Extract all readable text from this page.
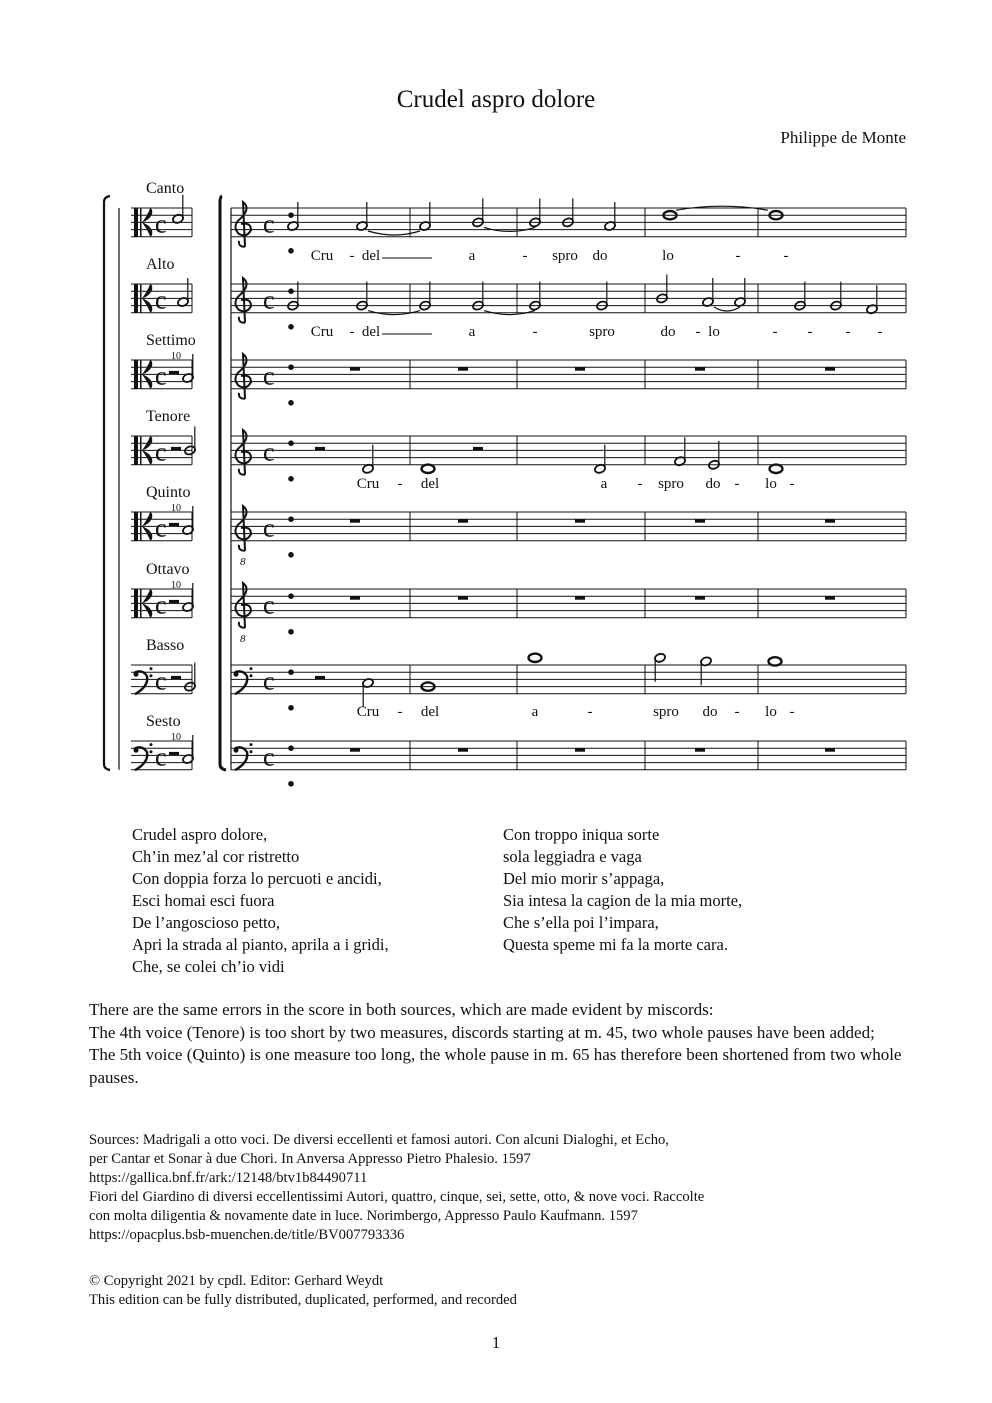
Crudel aspro dolore
Philippe de Monte
Canto
c	c
Alto
c	c
Settimo
c	c
Tenore
c	c
Quinto
c
8
c
Ottavo
c
8
c
Basso
c	c
Sesto
c	c
10
10
10
10
Cru - del	a	- spro do	lo	-	-
Cru - del	a	-	spro	do - lo	- - - -
Cru - del	a - spro do - lo -
Cru - del	a	-	spro do - lo -
Crudel aspro dolore,
Ch’in mez’al cor ristretto
Con doppia forza lo percuoti e ancidi,
Esci homai esci fuora
De l’angoscioso petto,
Apri la strada al pianto, aprila a i gridi,
Che, se colei ch’io vidi
Con troppo iniqua sorte
sola leggiadra e vaga
Del mio morir s’appaga,
Sia intesa la cagion de la mia morte,
Che s’ella poi l’impara,
Questa speme mi fa la morte cara.
There are the same errors in the score in both sources, which are made evident by miscords:
The 4th voice (Tenore) is too short by two measures, discords starting at m. 45, two whole pauses have been added;
The 5th voice (Quinto) is one measure too long, the whole pause in m. 65 has therefore been shortened from two whole pauses.
Sources: Madrigali a otto voci. De diversi eccellenti et famosi autori. Con alcuni Dialoghi, et Echo,
per Cantar et Sonar à due Chori. In Anversa Appresso Pietro Phalesio. 1597
https://gallica.bnf.fr/ark:/12148/btv1b84490711
Fiori del Giardino di diversi eccellentissimi Autori, quattro, cinque, sei, sette, otto, & nove voci. Raccolte
con molta diligentia & novamente date in luce. Norimbergo, Appresso Paulo Kaufmann. 1597
https://opacplus.bsb-muenchen.de/title/BV007793336
© Copyright 2021 by cpdl. Editor: Gerhard Weydt
This edition can be fully distributed, duplicated, performed, and recorded
1
